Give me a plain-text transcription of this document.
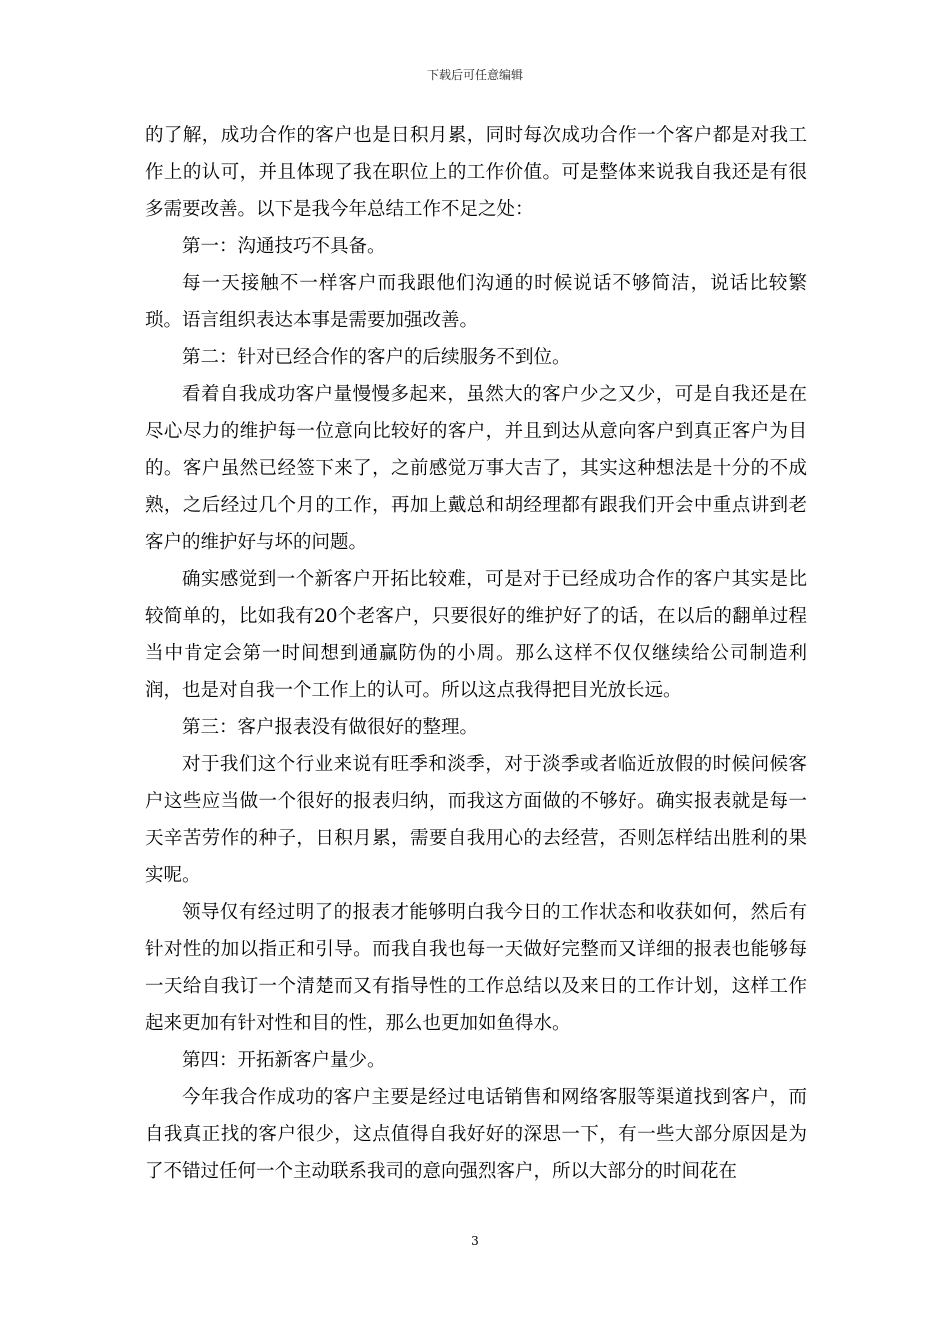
下载后可任意编辑

的了解，成功合作的客户也是日积月累，同时每次成功合作一个客户都是对我工作上的认可，并且体现了我在职位上的工作价值。可是整体来说我自我还是有很多需要改善。以下是我今年总结工作不足之处：

第一：沟通技巧不具备。

每一天接触不一样客户而我跟他们沟通的时候说话不够简洁，说话比较繁琐。语言组织表达本事是需要加强改善。

第二：针对已经合作的客户的后续服务不到位。

看着自我成功客户量慢慢多起来，虽然大的客户少之又少，可是自我还是在尽心尽力的维护每一位意向比较好的客户，并且到达从意向客户到真正客户为目的。客户虽然已经签下来了，之前感觉万事大吉了，其实这种想法是十分的不成熟，之后经过几个月的工作，再加上戴总和胡经理都有跟我们开会中重点讲到老客户的维护好与坏的问题。

确实感觉到一个新客户开拓比较难，可是对于已经成功合作的客户其实是比较简单的，比如我有20个老客户，只要很好的维护好了的话，在以后的翻单过程当中肯定会第一时间想到通赢防伪的小周。那么这样不仅仅继续给公司制造利润，也是对自我一个工作上的认可。所以这点我得把目光放长远。

第三：客户报表没有做很好的整理。

对于我们这个行业来说有旺季和淡季，对于淡季或者临近放假的时候问候客户这些应当做一个很好的报表归纳，而我这方面做的不够好。确实报表就是每一天辛苦劳作的种子，日积月累，需要自我用心的去经营，否则怎样结出胜利的果实呢。

领导仅有经过明了的报表才能够明白我今日的工作状态和收获如何，然后有针对性的加以指正和引导。而我自我也每一天做好完整而又详细的报表也能够每一天给自我订一个清楚而又有指导性的工作总结以及来日的工作计划，这样工作起来更加有针对性和目的性，那么也更加如鱼得水。

第四：开拓新客户量少。

今年我合作成功的客户主要是经过电话销售和网络客服等渠道找到客户，而自我真正找的客户很少，这点值得自我好好的深思一下，有一些大部分原因是为了不错过任何一个主动联系我司的意向强烈客户，所以大部分的时间花在

3
